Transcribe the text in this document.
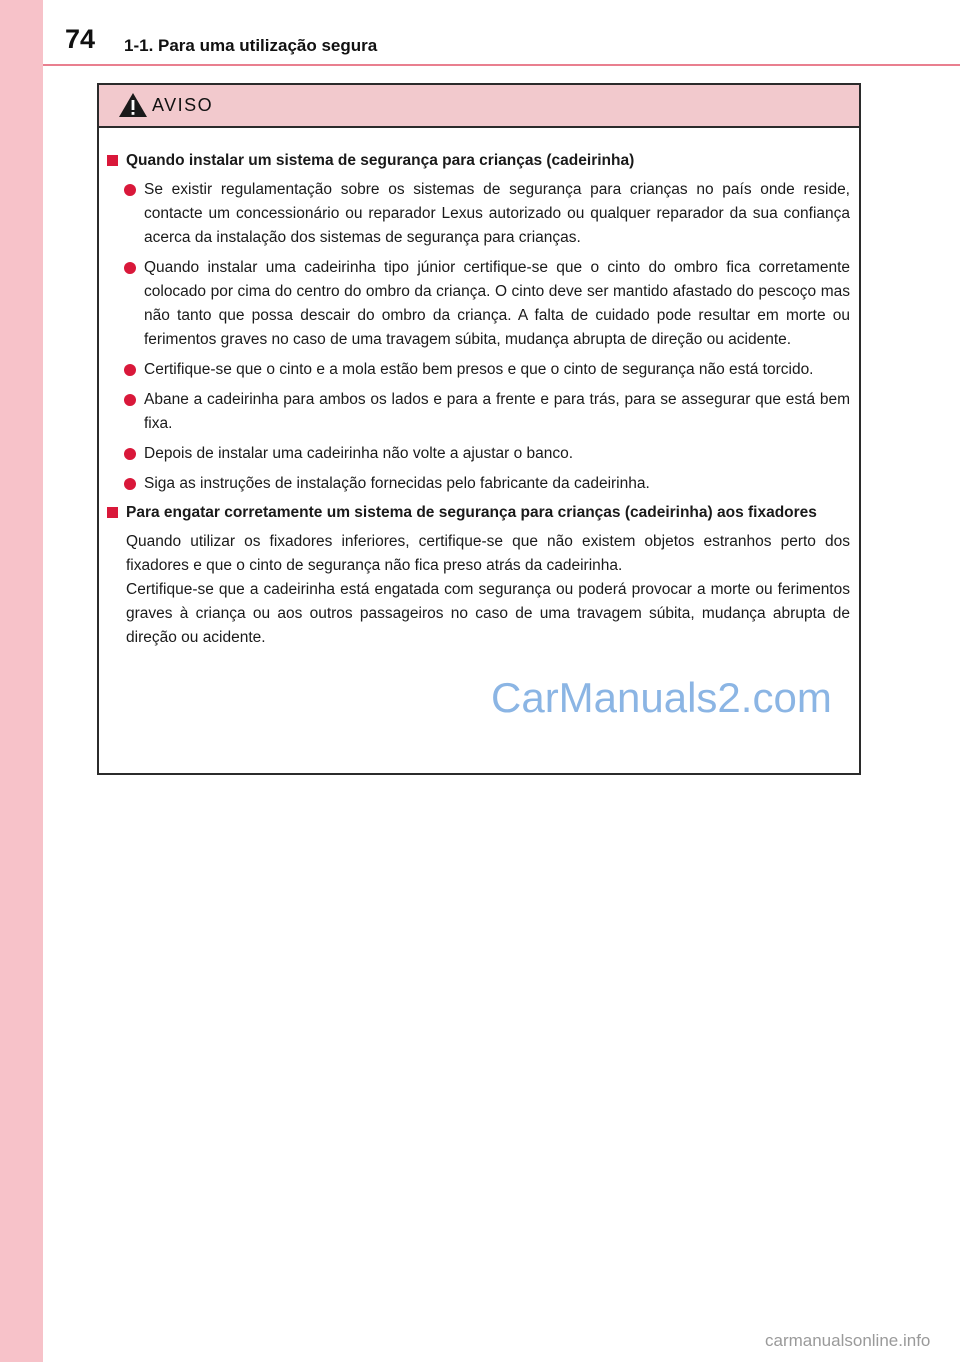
74 1-1. Para uma utilização segura
AVISO
Quando instalar um sistema de segurança para crianças (cadeirinha)
Se existir regulamentação sobre os sistemas de segurança para crianças no país onde reside, contacte um concessionário ou reparador Lexus autorizado ou qualquer reparador da sua confiança acerca da instalação dos sistemas de segurança para crianças.
Quando instalar uma cadeirinha tipo júnior certifique-se que o cinto do ombro fica corretamente colocado por cima do centro do ombro da criança. O cinto deve ser mantido afastado do pescoço mas não tanto que possa descair do ombro da criança. A falta de cuidado pode resultar em morte ou ferimentos graves no caso de uma travagem súbita, mudança abrupta de direção ou acidente.
Certifique-se que o cinto e a mola estão bem presos e que o cinto de segurança não está torcido.
Abane a cadeirinha para ambos os lados e para a frente e para trás, para se assegurar que está bem fixa.
Depois de instalar uma cadeirinha não volte a ajustar o banco.
Siga as instruções de instalação fornecidas pelo fabricante da cadeirinha.
Para engatar corretamente um sistema de segurança para crianças (cadeirinha) aos fixadores

Quando utilizar os fixadores inferiores, certifique-se que não existem objetos estranhos perto dos fixadores e que o cinto de segurança não fica preso atrás da cadeirinha.

Certifique-se que a cadeirinha está engatada com segurança ou poderá provocar a morte ou ferimentos graves à criança ou aos outros passageiros no caso de uma travagem súbita, mudança abrupta de direção ou acidente.

CarManuals2.com
carmanualsonline.info
